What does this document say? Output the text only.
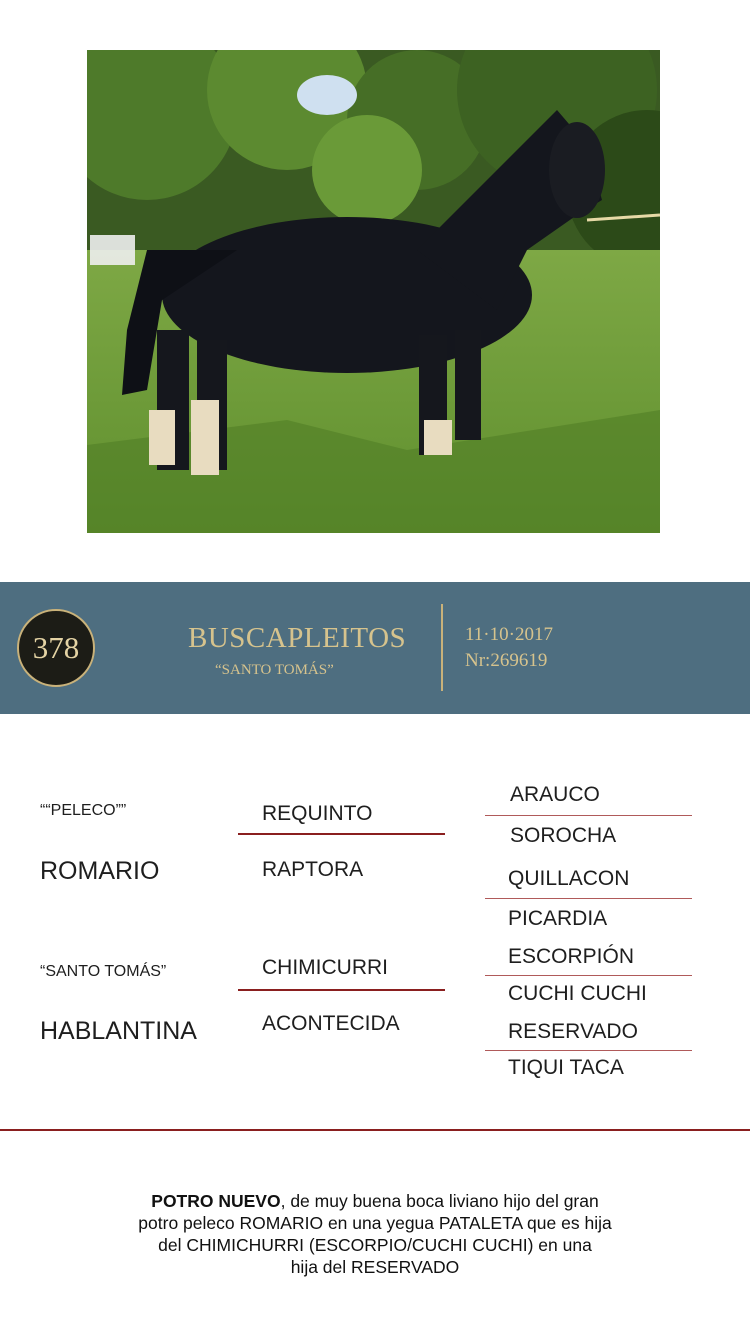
378	BUSCAPLEITOS
“SANTO TOMÁS”
11·10·2017
Nr:269619
““PELECO””
ROMARIO
“SANTO TOMÁS”
HABLANTINA
REQUINTO
RAPTORA
CHIMICURRI
ACONTECIDA
ARAUCO
SOROCHA
QUILLACON
PICARDIA
ESCORPIÓN
CUCHI CUCHI
RESERVADO
TIQUI TACA
POTRO NUEVO, de muy buena boca liviano hijo del gran
potro peleco ROMARIO en una yegua PATALETA que es hija
del CHIMICHURRI (ESCORPIO/CUCHI CUCHI) en una
hija del RESERVADO
